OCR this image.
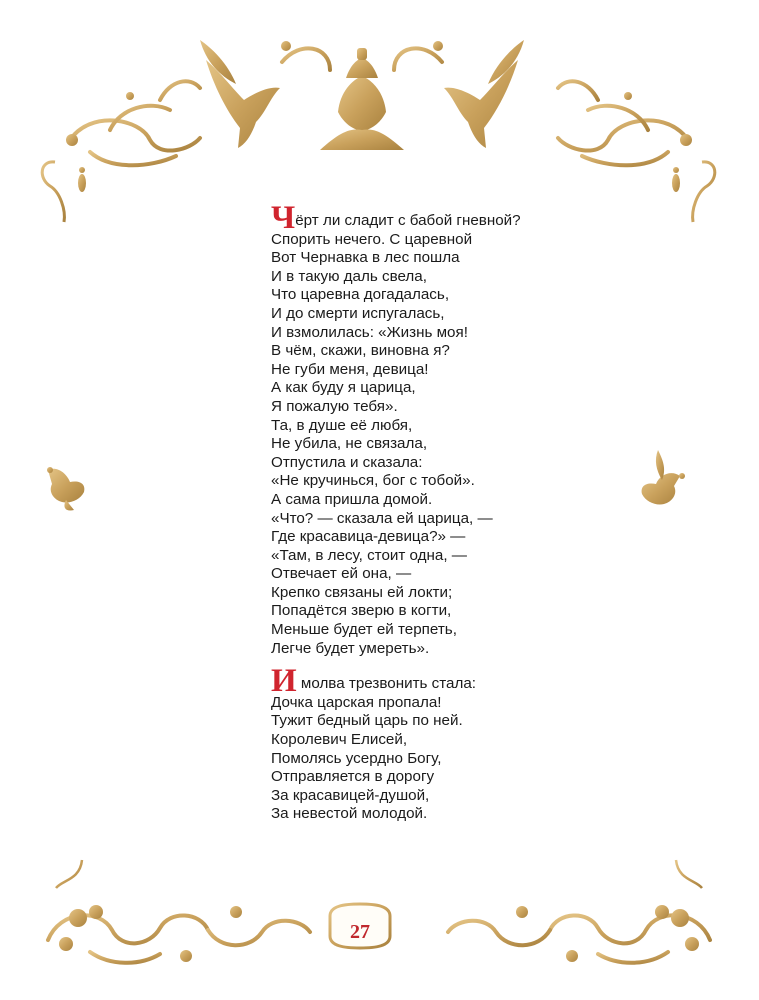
Чёрт ли сладит с бабой гневной?
Спорить нечего. С царевной
Вот Чернавка в лес пошла
И в такую даль свела,
Что царевна догадалась,
И до смерти испугалась,
И взмолилась: «Жизнь моя!
В чём, скажи, виновна я?
Не губи меня, девица!
А как буду я царица,
Я пожалую тебя».
Та, в душе её любя,
Не убила, не связала,
Отпустила и сказала:
«Не кручинься, бог с тобой».
А сама пришла домой.
«Что? — сказала ей царица, —
Где красавица-девица?» —
«Там, в лесу, стоит одна, —
Отвечает ей она, —
Крепко связаны ей локти;
Попадётся зверю в когти,
Меньше будет ей терпеть,
Легче будет умереть».

И молва трезвонить стала:
Дочка царская пропала!
Тужит бедный царь по ней.
Королевич Елисей,
Помолясь усердно Богу,
Отправляется в дорогу
За красавицей-душой,
За невестой молодой.

27
